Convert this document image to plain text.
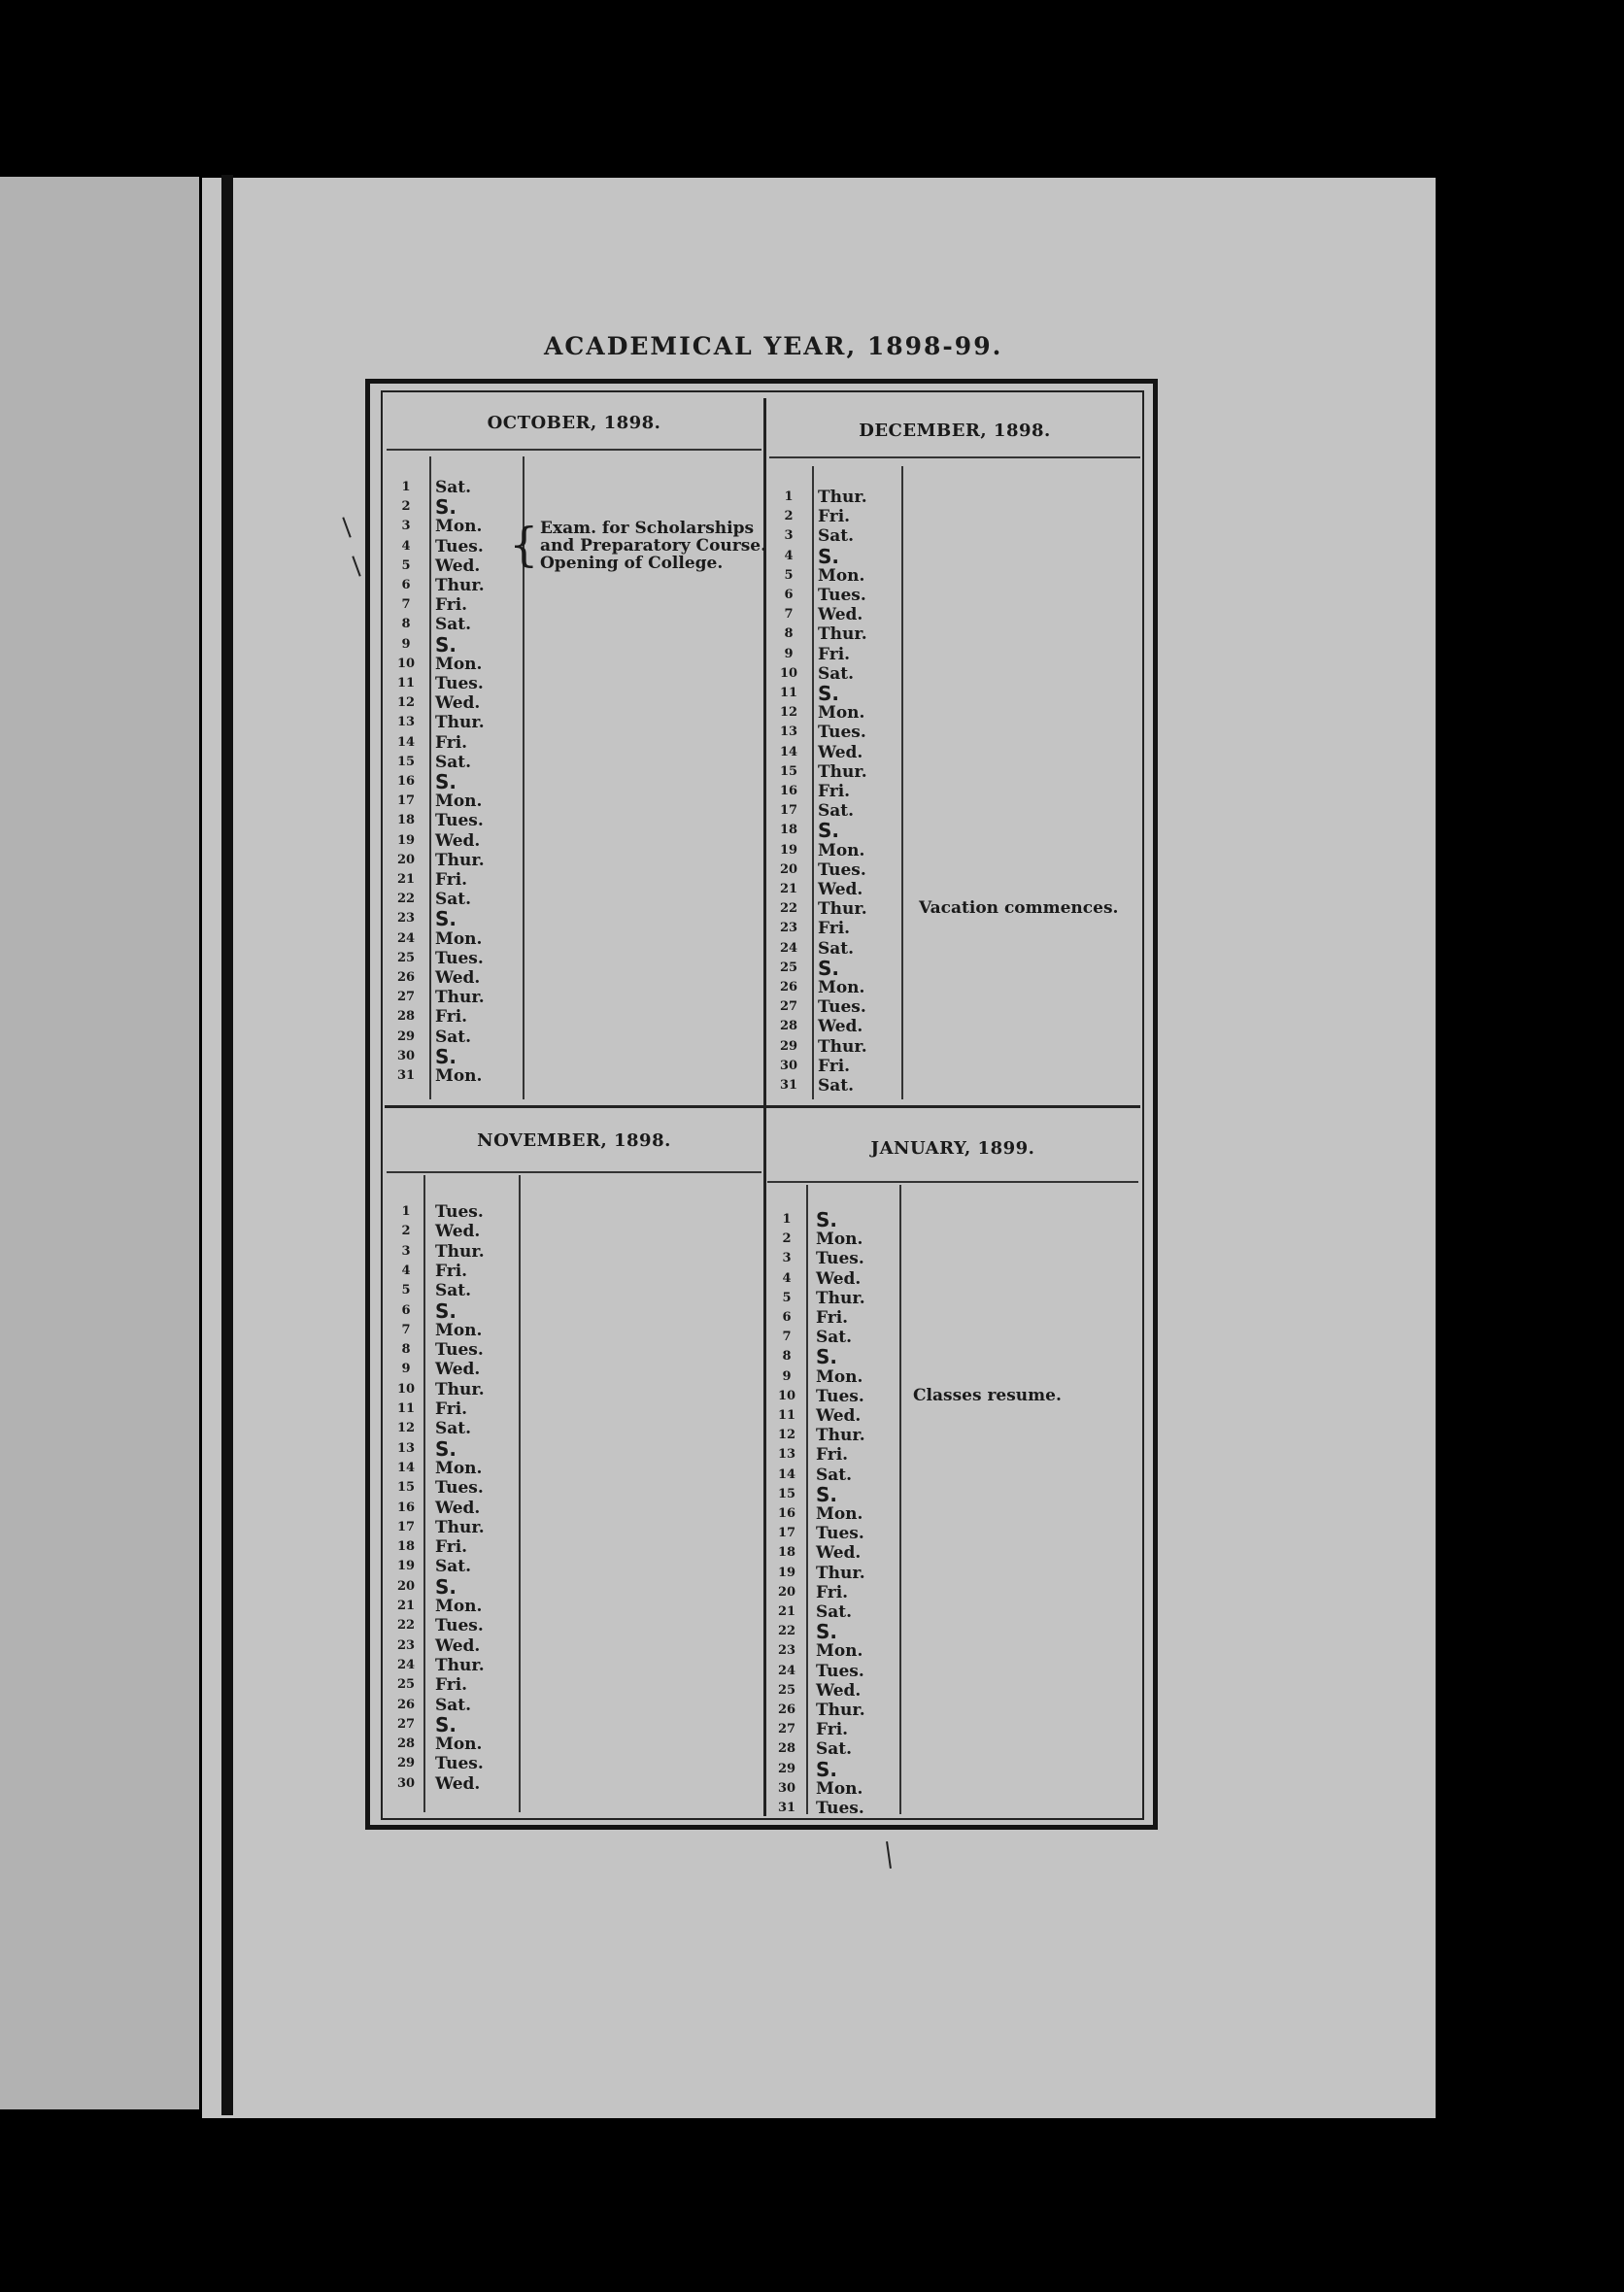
ACADEMICAL YEAR, 1898-99.
OCTOBER, 1898.
1	Sat.
2	S.
3	Mon.
4	Tues.
5	Wed.
6	Thur.
7	Fri.
8	Sat.
9	S.
10	Mon.
11	Tues.
12	Wed.
13	Thur.
14	Fri.
15	Sat.
16	S.
17	Mon.
18	Tues.
19	Wed.
20	Thur.
21	Fri.
22	Sat.
23	S.
24	Mon.
25	Tues.
26	Wed.
27	Thur.
28	Fri.
29	Sat.
30	S.
31	Mon.
{ Exam. for Scholarships
and Preparatory Course.
Opening of College.
DECEMBER, 1898.
1	Thur.
2	Fri.
3	Sat.
4	S.
5	Mon.
6	Tues.
7	Wed.
8	Thur.
9	Fri.
10	Sat.
11	S.
12	Mon.
13	Tues.
14	Wed.
15	Thur.
16	Fri.
17	Sat.
18	S.
19	Mon.
20	Tues.
21	Wed.
22	Thur.
23	Fri.
24	Sat.
25	S.
26	Mon.
27	Tues.
28	Wed.
29	Thur.
30	Fri.
31	Sat.
Vacation commences.
NOVEMBER, 1898.
1	Tues.
2	Wed.
3	Thur.
4	Fri.
5	Sat.
6	S.
7	Mon.
8	Tues.
9	Wed.
10	Thur.
11	Fri.
12	Sat.
13	S.
14	Mon.
15	Tues.
16	Wed.
17	Thur.
18	Fri.
19	Sat.
20	S.
21	Mon.
22	Tues.
23	Wed.
24	Thur.
25	Fri.
26	Sat.
27	S.
28	Mon.
29	Tues.
30	Wed.
JANUARY, 1899.
1	S.
2	Mon.
3	Tues.
4	Wed.
5	Thur.
6	Fri.
7	Sat.
8	S.
9	Mon.
10	Tues.
11	Wed.
12	Thur.
13	Fri.
14	Sat.
15	S.
16	Mon.
17	Tues.
18	Wed.
19	Thur.
20	Fri.
21	Sat.
22	S.
23	Mon.
24	Tues.
25	Wed.
26	Thur.
27	Fri.
28	Sat.
29	S.
30	Mon.
31	Tues.
Classes resume.
